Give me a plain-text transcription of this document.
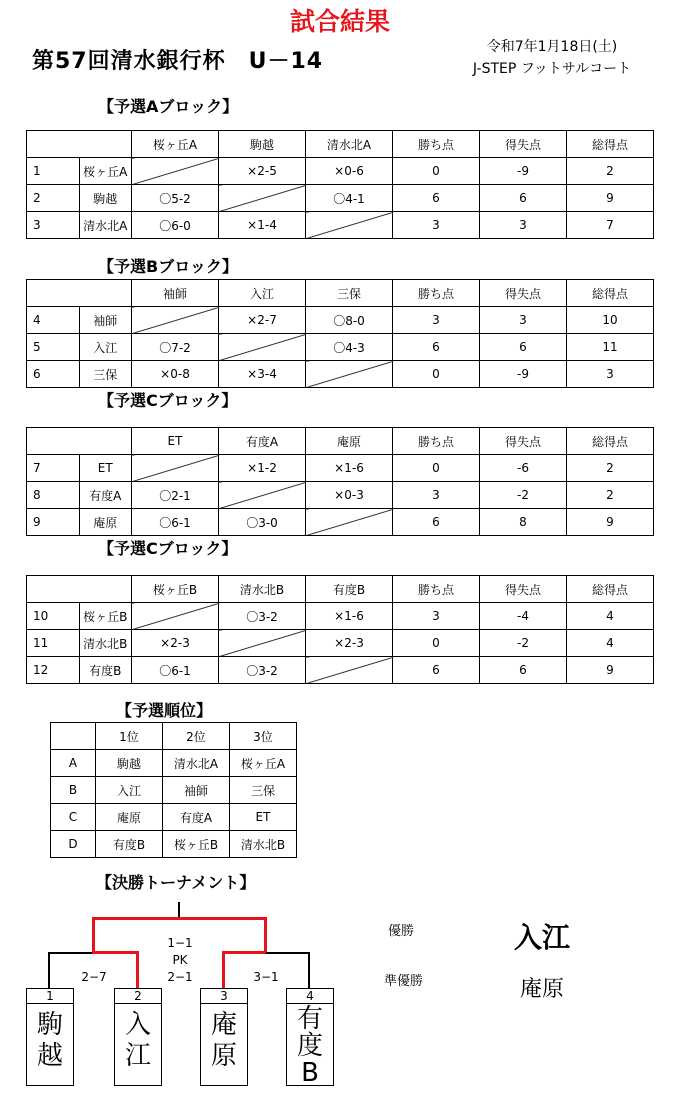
試合結果
第57回清水銀行杯　U－14
令和7年1月18日(土)
J-STEP フットサルコート
【予選Aブロック】
		桜ヶ丘A	駒越	清水北A	勝ち点	得失点	総得点
1	桜ヶ丘A		×2-5	×0-6	0	-9	2
2	駒越	〇5-2		〇4-1	6	6	9
3	清水北A	〇6-0	×1-4		3	3	7
【予選Bブロック】
		袖師	入江	三保	勝ち点	得失点	総得点
4	袖師		×2-7	〇8-0	3	3	10
5	入江	〇7-2		〇4-3	6	6	11
6	三保	×0-8	×3-4		0	-9	3
【予選Cブロック】
		ET	有度A	庵原	勝ち点	得失点	総得点
7	ET		×1-2	×1-6	0	-6	2
8	有度A	〇2-1		×0-3	3	-2	2
9	庵原	〇6-1	〇3-0		6	8	9
【予選Cブロック】
		桜ヶ丘B	清水北B	有度B	勝ち点	得失点	総得点
10	桜ヶ丘B		〇3-2	×1-6	3	-4	4
11	清水北B	×2-3		×2-3	0	-2	4
12	有度B	〇6-1	〇3-2		6	6	9
【予選順位】
	1位	2位	3位
A	駒越	清水北A	桜ヶ丘A
B	入江	袖師	三保
C	庵原	有度A	ET
D	有度B	桜ヶ丘B	清水北B
【決勝トーナメント】
1−1
PK
2−1
2−7	3−1
1
駒
越
2
入
江
3
庵
原
4
有
度
B
優勝	入江
準優勝	庵原
